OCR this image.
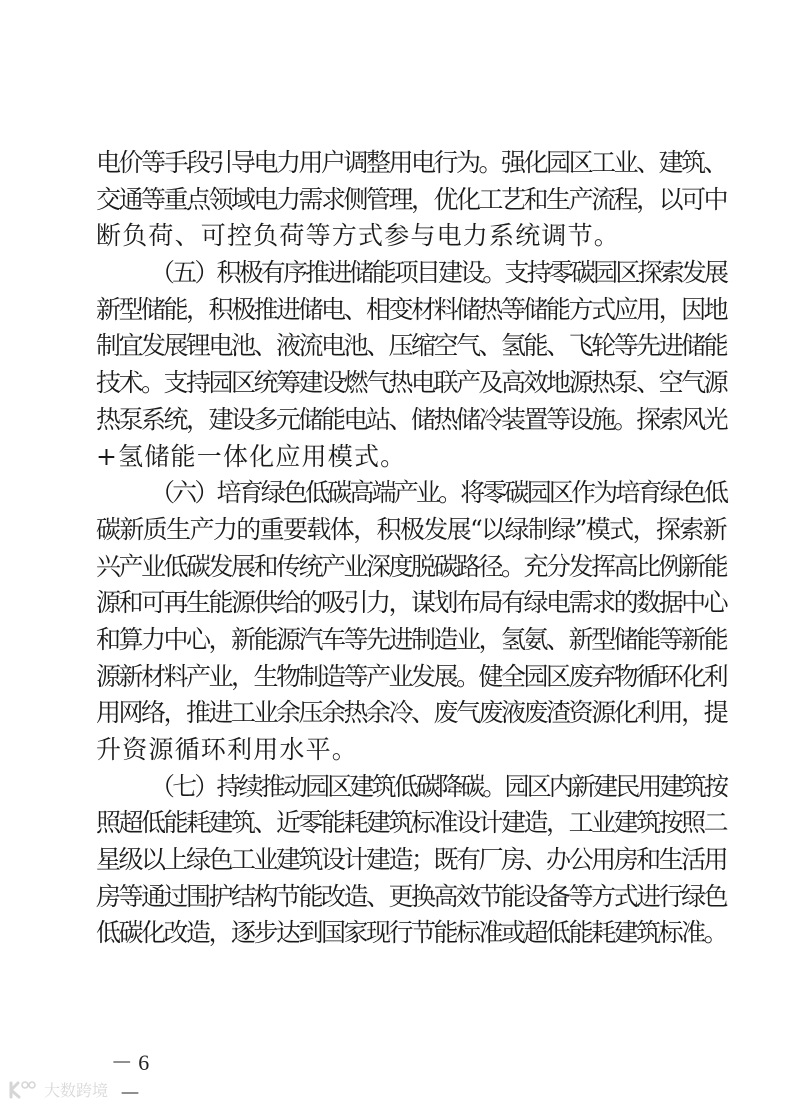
电价等手段引导电力用户调整用电行为。强化园区工业、建筑、
交通等重点领域电力需求侧管理，优化工艺和生产流程，以可中
断负荷、可控负荷等方式参与电力系统调节。
（五）积极有序推进储能项目建设。支持零碳园区探索发展
新型储能，积极推进储电、相变材料储热等储能方式应用，因地
制宜发展锂电池、液流电池、压缩空气、氢能、飞轮等先进储能
技术。支持园区统筹建设燃气热电联产及高效地源热泵、空气源
热泵系统，建设多元储能电站、储热储冷装置等设施。探索风光
+氢储能一体化应用模式。
（六）培育绿色低碳高端产业。将零碳园区作为培育绿色低
碳新质生产力的重要载体，积极发展“以绿制绿”模式，探索新
兴产业低碳发展和传统产业深度脱碳路径。充分发挥高比例新能
源和可再生能源供给的吸引力，谋划布局有绿电需求的数据中心
和算力中心，新能源汽车等先进制造业，氢氨、新型储能等新能
源新材料产业，生物制造等产业发展。健全园区废弃物循环化利
用网络，推进工业余压余热余冷、废气废液废渣资源化利用，提
升资源循环利用水平。
（七）持续推动园区建筑低碳降碳。园区内新建民用建筑按
照超低能耗建筑、近零能耗建筑标准设计建造，工业建筑按照二
星级以上绿色工业建筑设计建造；既有厂房、办公用房和生活用
房等通过围护结构节能改造、更换高效节能设备等方式进行绿色
低碳化改造，逐步达到国家现行节能标准或超低能耗建筑标准。
－ 6 －
大数跨境
